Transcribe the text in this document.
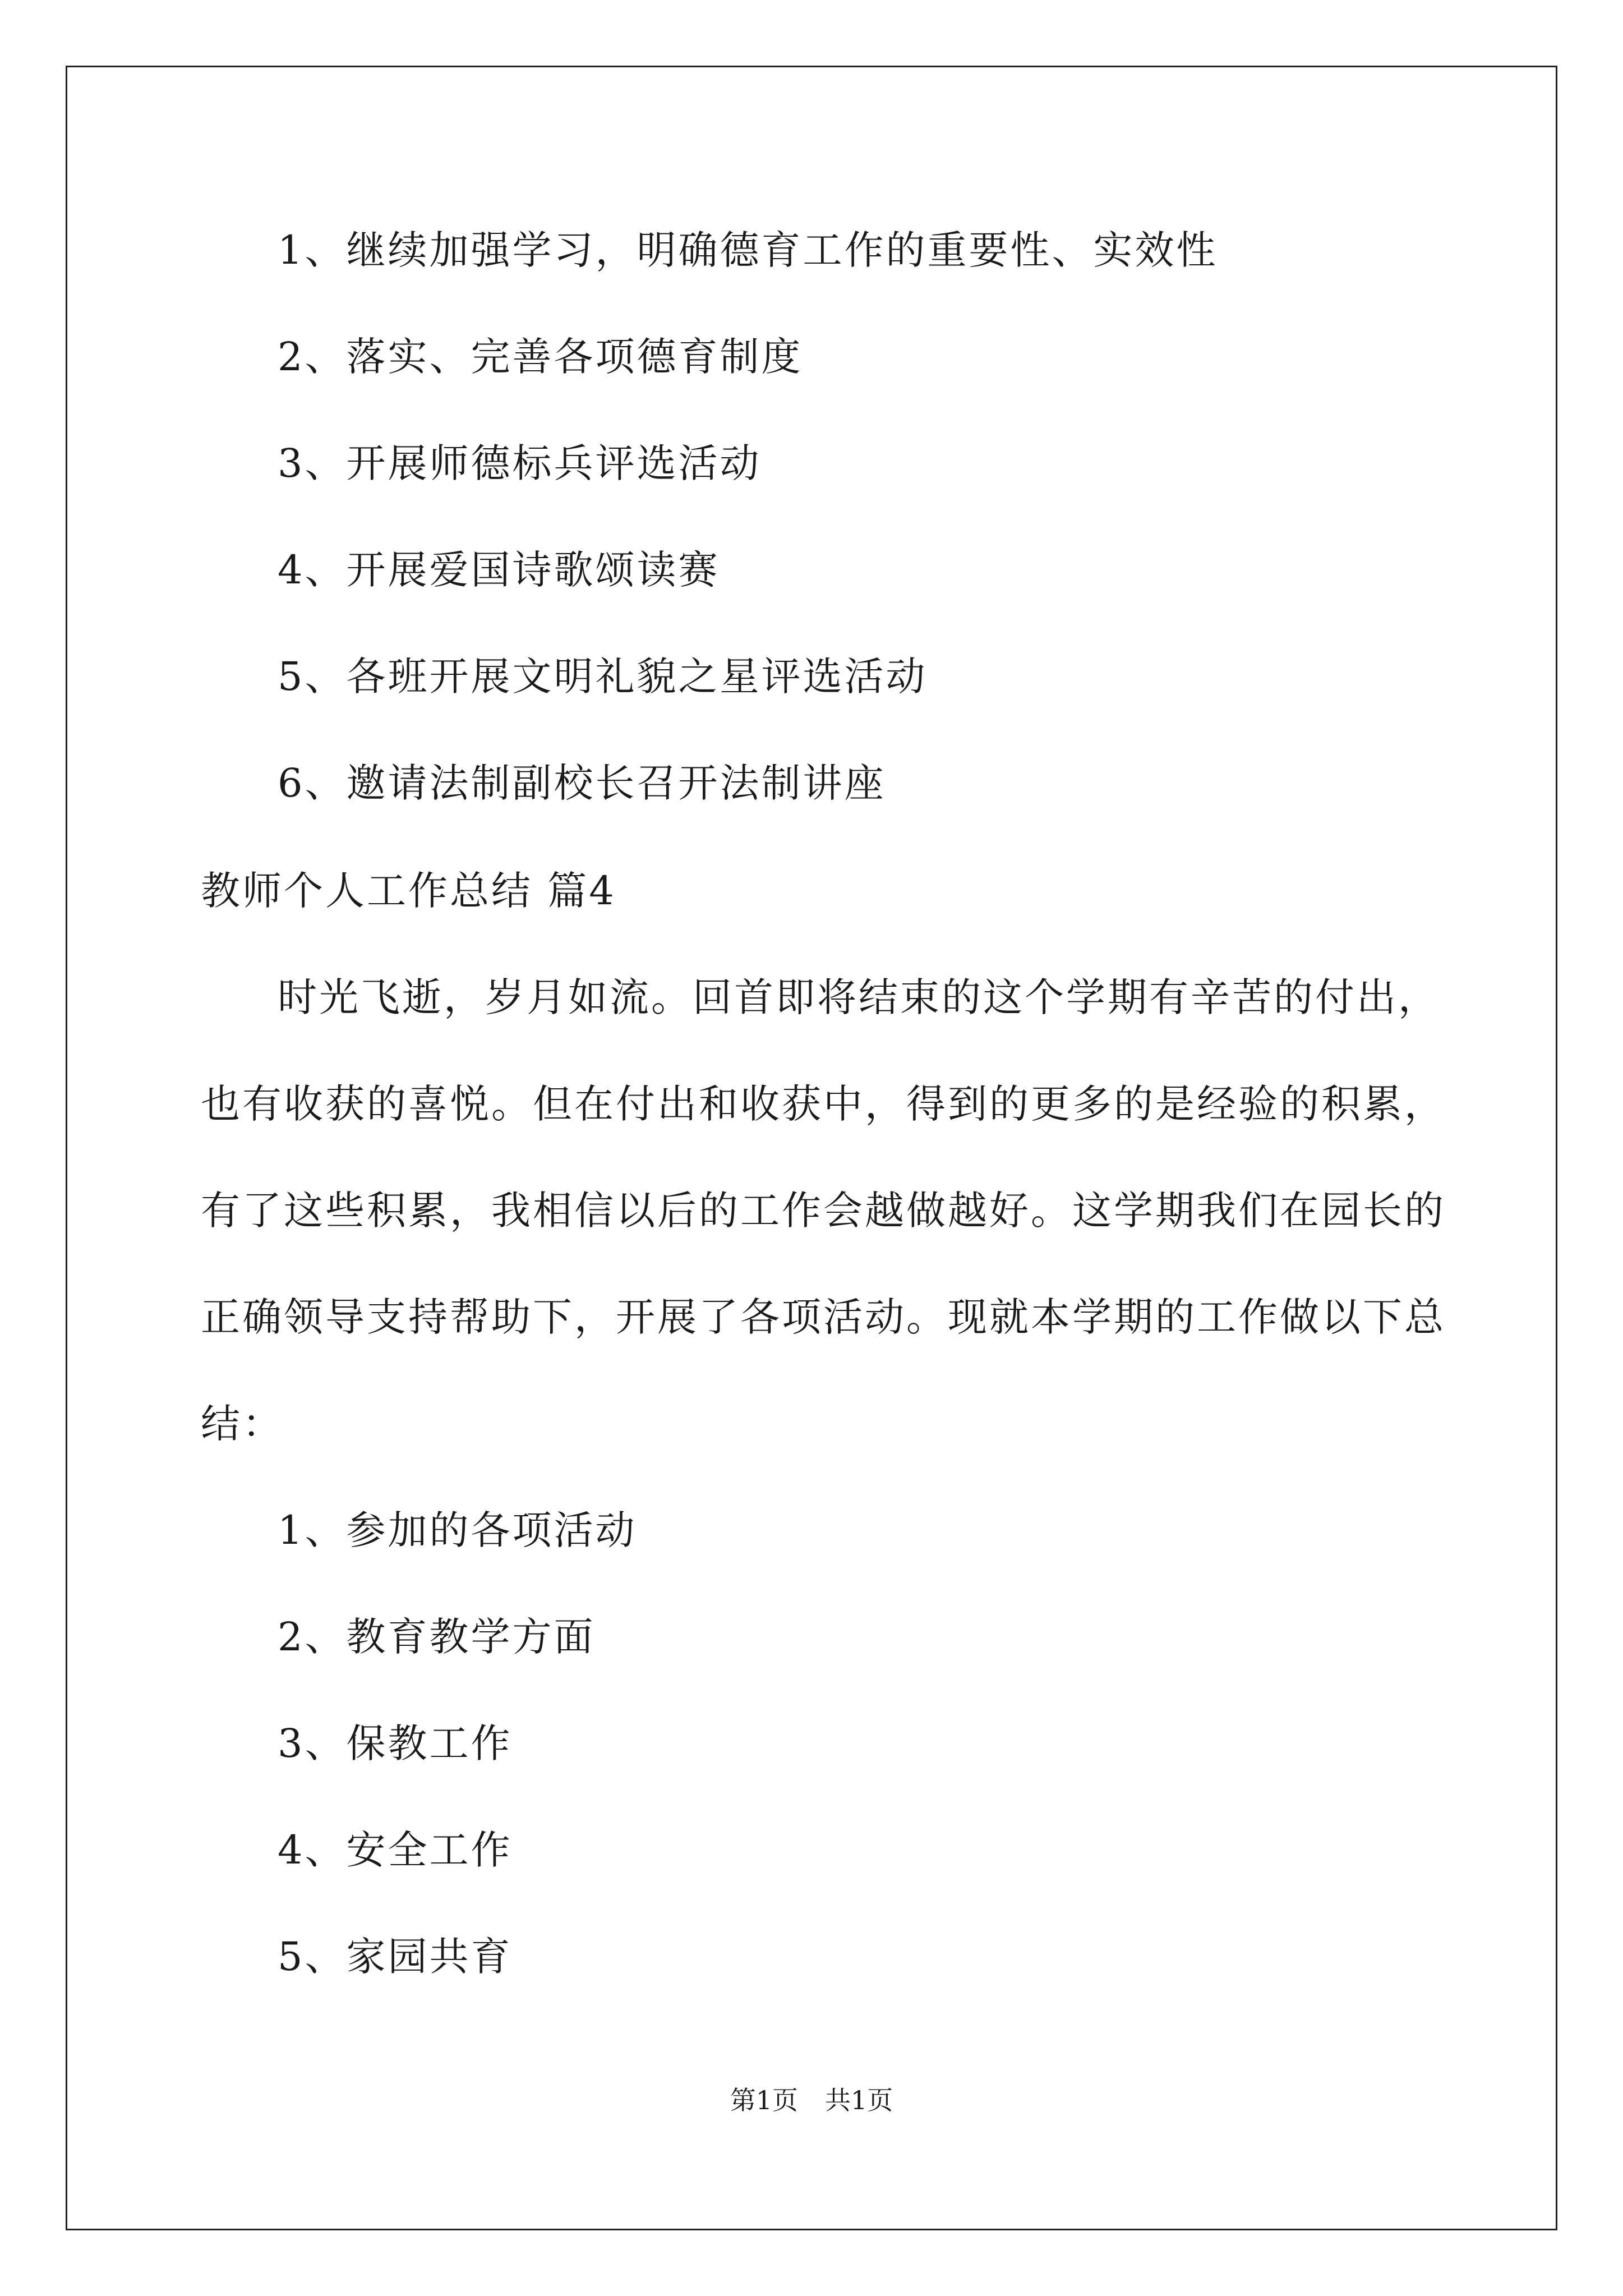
1、继续加强学习，明确德育工作的重要性、实效性
2、落实、完善各项德育制度
3、开展师德标兵评选活动
4、开展爱国诗歌颂读赛
5、各班开展文明礼貌之星评选活动
6、邀请法制副校长召开法制讲座
教师个人工作总结 篇4
时光飞逝，岁月如流。回首即将结束的这个学期有辛苦的付出，
也有收获的喜悦。但在付出和收获中，得到的更多的是经验的积累，
有了这些积累，我相信以后的工作会越做越好。这学期我们在园长的
正确领导支持帮助下，开展了各项活动。现就本学期的工作做以下总
结：
1、参加的各项活动
2、教育教学方面
3、保教工作
4、安全工作
5、家园共育
第1页 共1页
